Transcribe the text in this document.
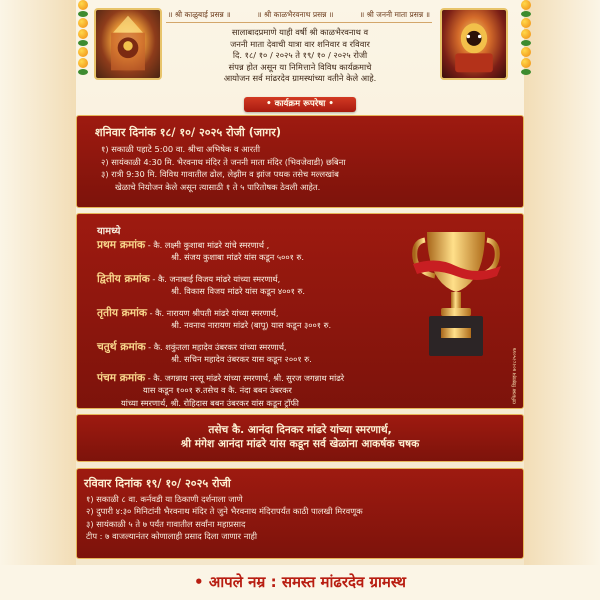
॥ श्री काळुबाई प्रसन्न ॥	॥ श्री काळभैरवनाथ प्रसन्न ॥	॥ श्री जननी माता प्रसन्न ॥
सालाबादप्रमाणे याही वर्षी श्री काळभैरवनाथ व
जननी माता देवाची यात्रा वार शनिवार व रविवार
दि. १८/ १० / २०२५ ते १९/ १० / २०२५ रोजी
संपन्न होत असून या निमित्ताने विविध कार्यक्रमाचे
आयोजन सर्व मांढरदेव ग्रामस्थांच्या वतीने केले आहे.
• कार्यक्रम रूपरेषा •
शनिवार दिनांक १८/ १०/ २०२५ रोजी (जागर)
१) सकाळी पहाटे 5:00 वा. श्रीचा अभिषेक व आरती
२) सायंकाळी 4:30 मि. भैरवनाथ मंदिर ते जननी माता मंदिर (भिवजेवाडी) छबिना
३) रात्री 9:30 मि. विविध गावातील ढोल, लेझीम व झांज पथक तसेच मल्लखांब
खेळाचे नियोजन केले असून त्यासाठी १ ते ५ पारितोषक ठेवली आहेत.
यामध्ये
प्रथम क्रमांक - कै. लक्ष्मी कुशाबा मांढरे यांचे स्मरणार्थ ,
श्री. संजय कुशाबा मांढरे यांस कडून ५००१ रु.
द्वितीय क्रमांक - कै. जनाबाई विजय मांढरे यांच्या स्मरणार्थ,
श्री. विकास विजय मांढरे यांस कडून ४००१ रु.
तृतीय क्रमांक - कै. नारायण श्रीपती मांढरे यांच्या स्मरणार्थ,
श्री. नवनाथ नारायण मांढरे (बापू) यास कडून ३००१ रु.
चतुर्थ क्रमांक - कै. शकुंतला महादेव उंबरकर यांच्या स्मरणार्थ,
श्री. सचिन महादेव उंबरकर यास कडून २००१ रु.
पंचम क्रमांक - कै. जगन्नाथ नरसू मांढरे यांच्या स्मरणार्थ, श्री. सुरज जगन्नाथ मांढरे
यास कडून १००१ रु.तसेच व कै. नंदा बबन उंबरकर
यांच्या स्मरणार्थ, श्री. रोहिदास बबन उंबरकर यांस कडून ट्रॉफी	ग्राफिक्स डिझाइन ७०२८२५०४७
तसेच कै. आनंदा दिनकर मांढरे यांच्या स्मरणार्थ,
श्री मंगेश आनंदा मांढरे यांस कडून सर्व खेळांना आकर्षक चषक
रविवार दिनांक १९/ १०/ २०२५ रोजी
१) सकाळी ८ वा. कर्नवडी या ठिकाणी दर्शनाला जाणे
२) दुपारी ४:३० मिनिटांनी भैरवनाथ मंदिर ते जुने भैरवनाथ मंदिरापर्यंत काठी पालखी मिरवणूक
३) सायंकाळी ५ ते ७ पर्यंत गावातील सर्वांना महाप्रसाद
टीप : ७ वाजल्यानंतर कोणालाही प्रसाद दिला जाणार नाही
• आपले नम्र : समस्त मांढरदेव ग्रामस्थ
